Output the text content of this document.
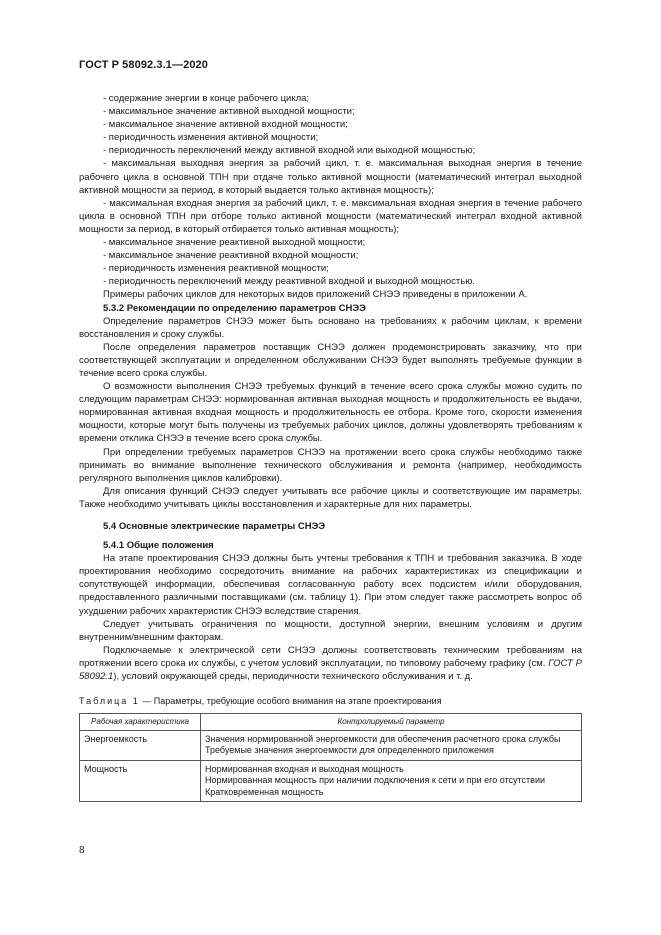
ГОСТ Р 58092.3.1—2020

- содержание энергии в конце рабочего цикла;

- максимальное значение активной выходной мощности;

- максимальное значение активной входной мощности;

- периодичность изменения активной мощности;

- периодичность переключений между активной входной или выходной мощностью;

- максимальная выходная энергия за рабочий цикл, т. е. максимальная выходная энергия в течение рабочего цикла в основной ТПН при отдаче только активной мощности (математический интеграл выходной активной мощности за период, в который выдается только активная мощность);

- максимальная входная энергия за рабочий цикл, т. е. максимальная входная энергия в течение рабочего цикла в основной ТПН при отборе только активной мощности (математический интеграл входной активной мощности за период, в который отбирается только активная мощность);

- максимальное значение реактивной выходной мощности;

- максимальное значение реактивной входной мощности;

- периодичность изменения реактивной мощности;

- периодичность переключений между реактивной входной и выходной мощностью.

Примеры рабочих циклов для некоторых видов приложений СНЭЭ приведены в приложении А.

5.3.2 Рекомендации по определению параметров СНЭЭ

Определение параметров СНЭЭ может быть основано на требованиях к рабочим циклам, к времени восстановления и сроку службы.

После определения параметров поставщик СНЭЭ должен продемонстрировать заказчику, что при соответствующей эксплуатации и определенном обслуживании СНЭЭ будет выполнять требуемые функции в течение всего срока службы.

О возможности выполнения СНЭЭ требуемых функций в течение всего срока службы можно судить по следующим параметрам СНЭЭ: нормированная активная выходная мощность и продолжительность ее выдачи, нормированная активная входная мощность и продолжительность ее отбора. Кроме того, скорости изменения мощности, которые могут быть получены из требуемых рабочих циклов, должны удовлетворять требованиям к времени отклика СНЭЭ в течение всего срока службы.

При определении требуемых параметров СНЭЭ на протяжении всего срока службы необходимо также принимать во внимание выполнение технического обслуживания и ремонта (например, необходимость регулярного выполнения циклов калибровки).

Для описания функций СНЭЭ следует учитывать все рабочие циклы и соответствующие им параметры. Также необходимо учитывать циклы восстановления и характерные для них параметры.

5.4 Основные электрические параметры СНЭЭ

5.4.1 Общие положения

На этапе проектирования СНЭЭ должны быть учтены требования к ТПН и требования заказчика. В ходе проектирования необходимо сосредоточить внимание на рабочих характеристиках из спецификации и сопутствующей информации, обеспечивая согласованную работу всех подсистем и/или оборудования, предоставленного различными поставщиками (см. таблицу 1). При этом следует также рассмотреть вопрос об ухудшении рабочих характеристик СНЭЭ вследствие старения.

Следует учитывать ограничения по мощности, доступной энергии, внешним условиям и другим внутренним/внешним факторам.

Подключаемые к электрической сети СНЭЭ должны соответствовать техническим требованиям на протяжении всего срока их службы, с учетом условий эксплуатации, по типовому рабочему графику (см. ГОСТ Р 58092.1), условий окружающей среды, периодичности технического обслуживания и т. д.

Таблица 1 — Параметры, требующие особого внимания на этапе проектирования
Рабочая характеристика	Контролируемый параметр
Энергоемкость	Значения нормированной энергоемкости для обеспечения расчетного срока службы
Требуемые значения энергоемкости для определенного приложения

Мощность	Нормированная входная и выходная мощность
Нормированная мощность при наличии подключения к сети и при его отсутствии
Кратковременная мощность
8
